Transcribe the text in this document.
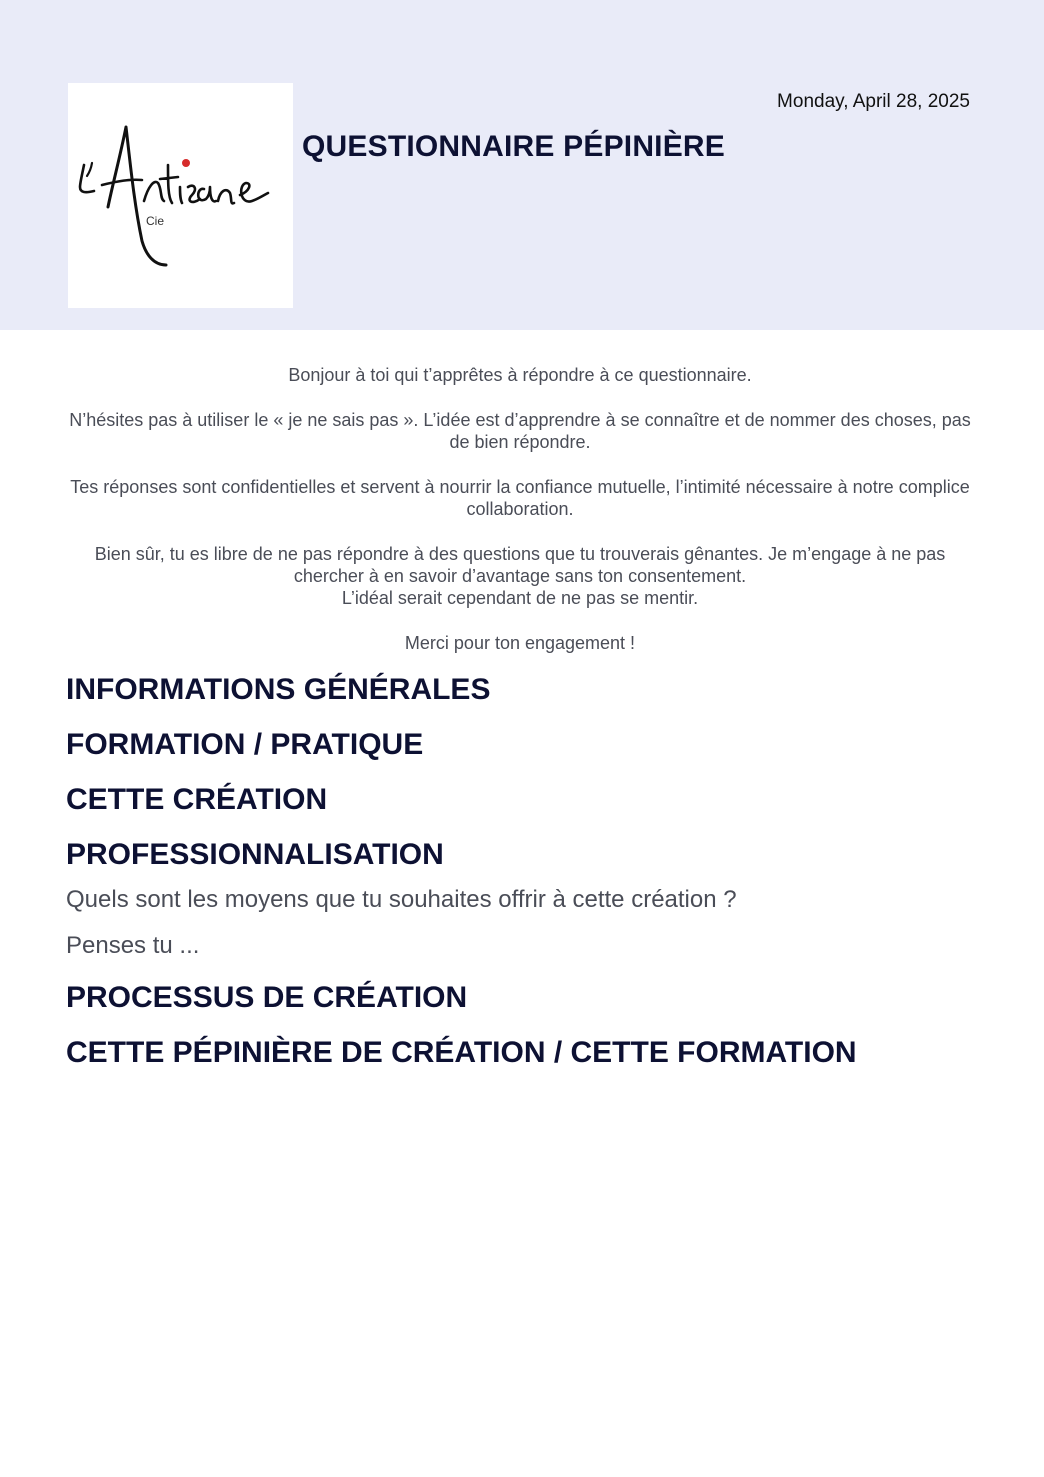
Cie
QUESTIONNAIRE PÉPINIÈRE
Monday, April 28, 2025

Bonjour à toi qui t’apprêtes à répondre à ce questionnaire.

N’hésites pas à utiliser le « je ne sais pas ». L’idée est d’apprendre à se connaître et de nommer des choses, pas de bien répondre.

Tes réponses sont confidentielles et servent à nourrir la confiance mutuelle, l’intimité nécessaire à notre complice collaboration.

Bien sûr, tu es libre de ne pas répondre à des questions que tu trouverais gênantes. Je m’engage à ne pas chercher à en savoir d’avantage sans ton consentement.
L’idéal serait cependant de ne pas se mentir.

Merci pour ton engagement !

INFORMATIONS GÉNÉRALES
FORMATION / PRATIQUE
CETTE CRÉATION
PROFESSIONNALISATION

Quels sont les moyens que tu souhaites offrir à cette création ?

Penses tu ...

PROCESSUS DE CRÉATION
CETTE PÉPINIÈRE DE CRÉATION / CETTE FORMATION
